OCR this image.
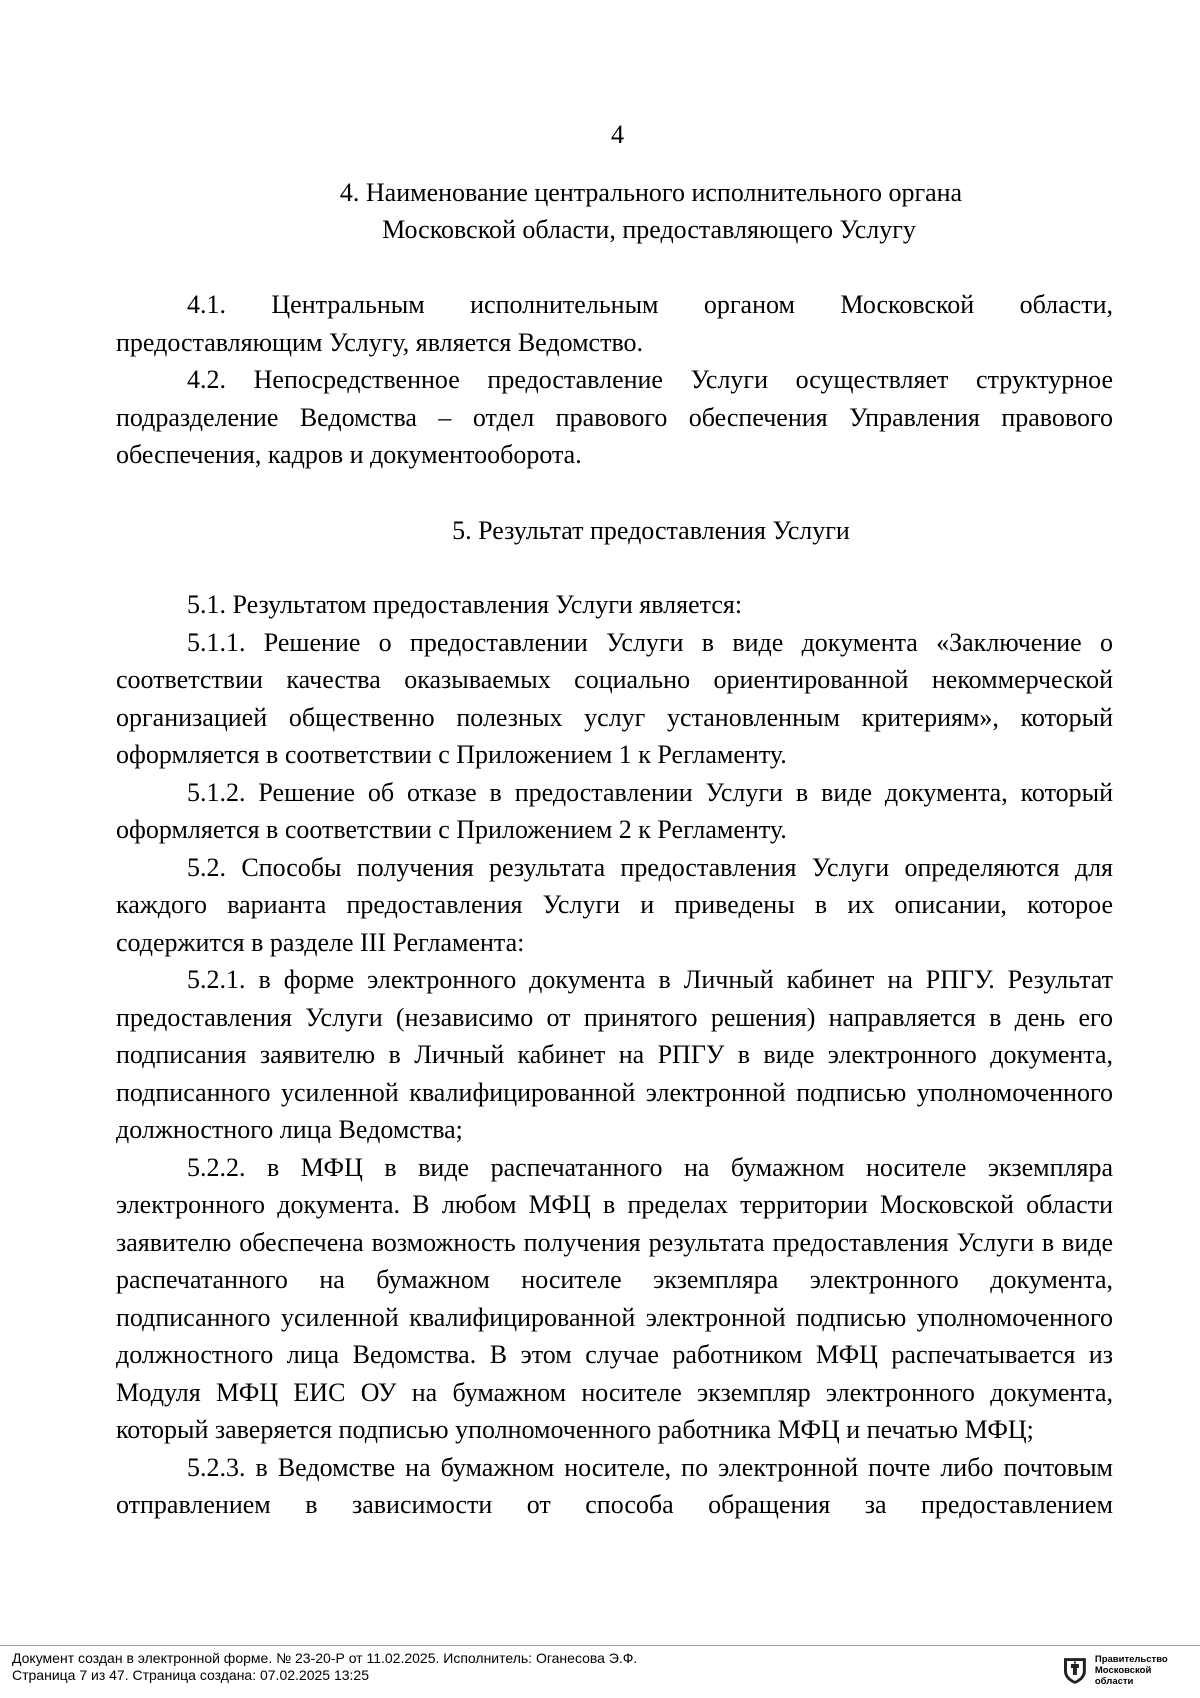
4
4. Наименование центрального исполнительного органа
Московской области, предоставляющего Услугу

4.1. Центральным исполнительным органом Московской области, предоставляющим Услугу, является Ведомство.

4.2. Непосредственное предоставление Услуги осуществляет структурное подразделение Ведомства – отдел правового обеспечения Управления правового обеспечения, кадров и документооборота.

5. Результат предоставления Услуги

5.1. Результатом предоставления Услуги является:

5.1.1. Решение о предоставлении Услуги в виде документа «Заключение о соответствии качества оказываемых социально ориентированной некоммерческой организацией общественно полезных услуг установленным критериям», который оформляется в соответствии с Приложением 1 к Регламенту.

5.1.2. Решение об отказе в предоставлении Услуги в виде документа, который оформляется в соответствии с Приложением 2 к Регламенту.

5.2. Способы получения результата предоставления Услуги определяются для каждого варианта предоставления Услуги и приведены в их описании, которое содержится в разделе III Регламента:

5.2.1. в форме электронного документа в Личный кабинет на РПГУ. Результат предоставления Услуги (независимо от принятого решения) направляется в день его подписания заявителю в Личный кабинет на РПГУ в виде электронного документа, подписанного усиленной квалифицированной электронной подписью уполномоченного должностного лица Ведомства;

5.2.2. в МФЦ в виде распечатанного на бумажном носителе экземпляра электронного документа. В любом МФЦ в пределах территории Московской области заявителю обеспечена возможность получения результата предоставления Услуги в виде распечатанного на бумажном носителе экземпляра электронного документа, подписанного усиленной квалифицированной электронной подписью уполномоченного должностного лица Ведомства. В этом случае работником МФЦ распечатывается из Модуля МФЦ ЕИС ОУ на бумажном носителе экземпляр электронного документа, который заверяется подписью уполномоченного работника МФЦ и печатью МФЦ;

5.2.3. в Ведомстве на бумажном носителе, по электронной почте либо почтовым отправлением в зависимости от способа обращения за предоставлением

Документ создан в электронной форме. № 23-20-Р от 11.02.2025. Исполнитель: Оганесова Э.Ф.
Страница 7 из 47. Страница создана: 07.02.2025 13:25
Правительство
Московской области
